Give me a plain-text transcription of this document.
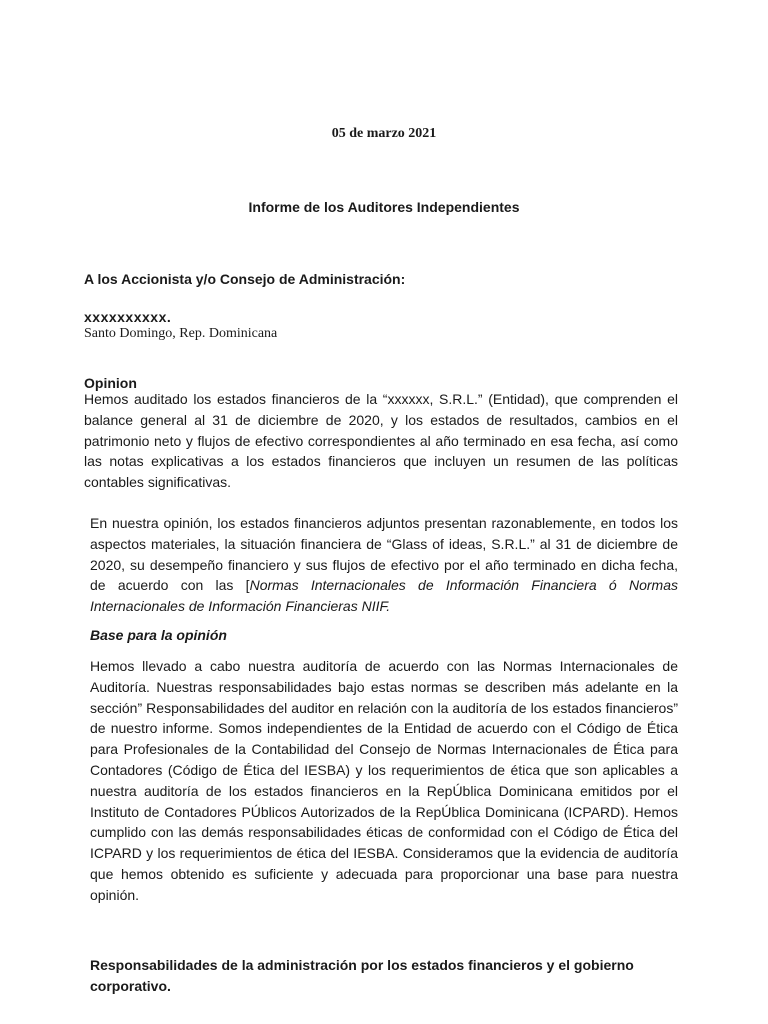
05 de marzo 2021
Informe de los Auditores Independientes
A los Accionista y/o Consejo de Administración:
xxxxxxxxxx.
Santo Domingo, Rep. Dominicana
Opinion

Hemos auditado los estados financieros de la “xxxxxx, S.R.L.” (Entidad), que comprenden el balance general al 31 de diciembre de 2020, y los estados de resultados, cambios en el patrimonio neto y flujos de efectivo correspondientes al año terminado en esa fecha, así como las notas explicativas a los estados financieros que incluyen un resumen de las políticas contables significativas.

En nuestra opinión, los estados financieros adjuntos presentan razonablemente, en todos los aspectos materiales, la situación financiera de “Glass of ideas, S.R.L.” al 31 de diciembre de 2020, su desempeño financiero y sus flujos de efectivo por el año terminado en dicha fecha, de acuerdo con las [Normas Internacionales de Información Financiera ó Normas Internacionales de Información Financieras NIIF.

Base para la opinión

Hemos llevado a cabo nuestra auditoría de acuerdo con las Normas Internacionales de Auditoría. Nuestras responsabilidades bajo estas normas se describen más adelante en la sección” Responsabilidades del auditor en relación con la auditoría de los estados financieros” de nuestro informe. Somos independientes de la Entidad de acuerdo con el Código de Ética para Profesionales de la Contabilidad del Consejo de Normas Internacionales de Ética para Contadores (Código de Ética del IESBA) y los requerimientos de ética que son aplicables a nuestra auditoría de los estados financieros en la RepÚblica Dominicana emitidos por el Instituto de Contadores PÚblicos Autorizados de la RepÚblica Dominicana (ICPARD). Hemos cumplido con las demás responsabilidades éticas de conformidad con el Código de Ética del ICPARD y los requerimientos de ética del IESBA. Consideramos que la evidencia de auditoría que hemos obtenido es suficiente y adecuada para proporcionar una base para nuestra opinión.

Responsabilidades de la administración por los estados financieros y el gobierno corporativo.
